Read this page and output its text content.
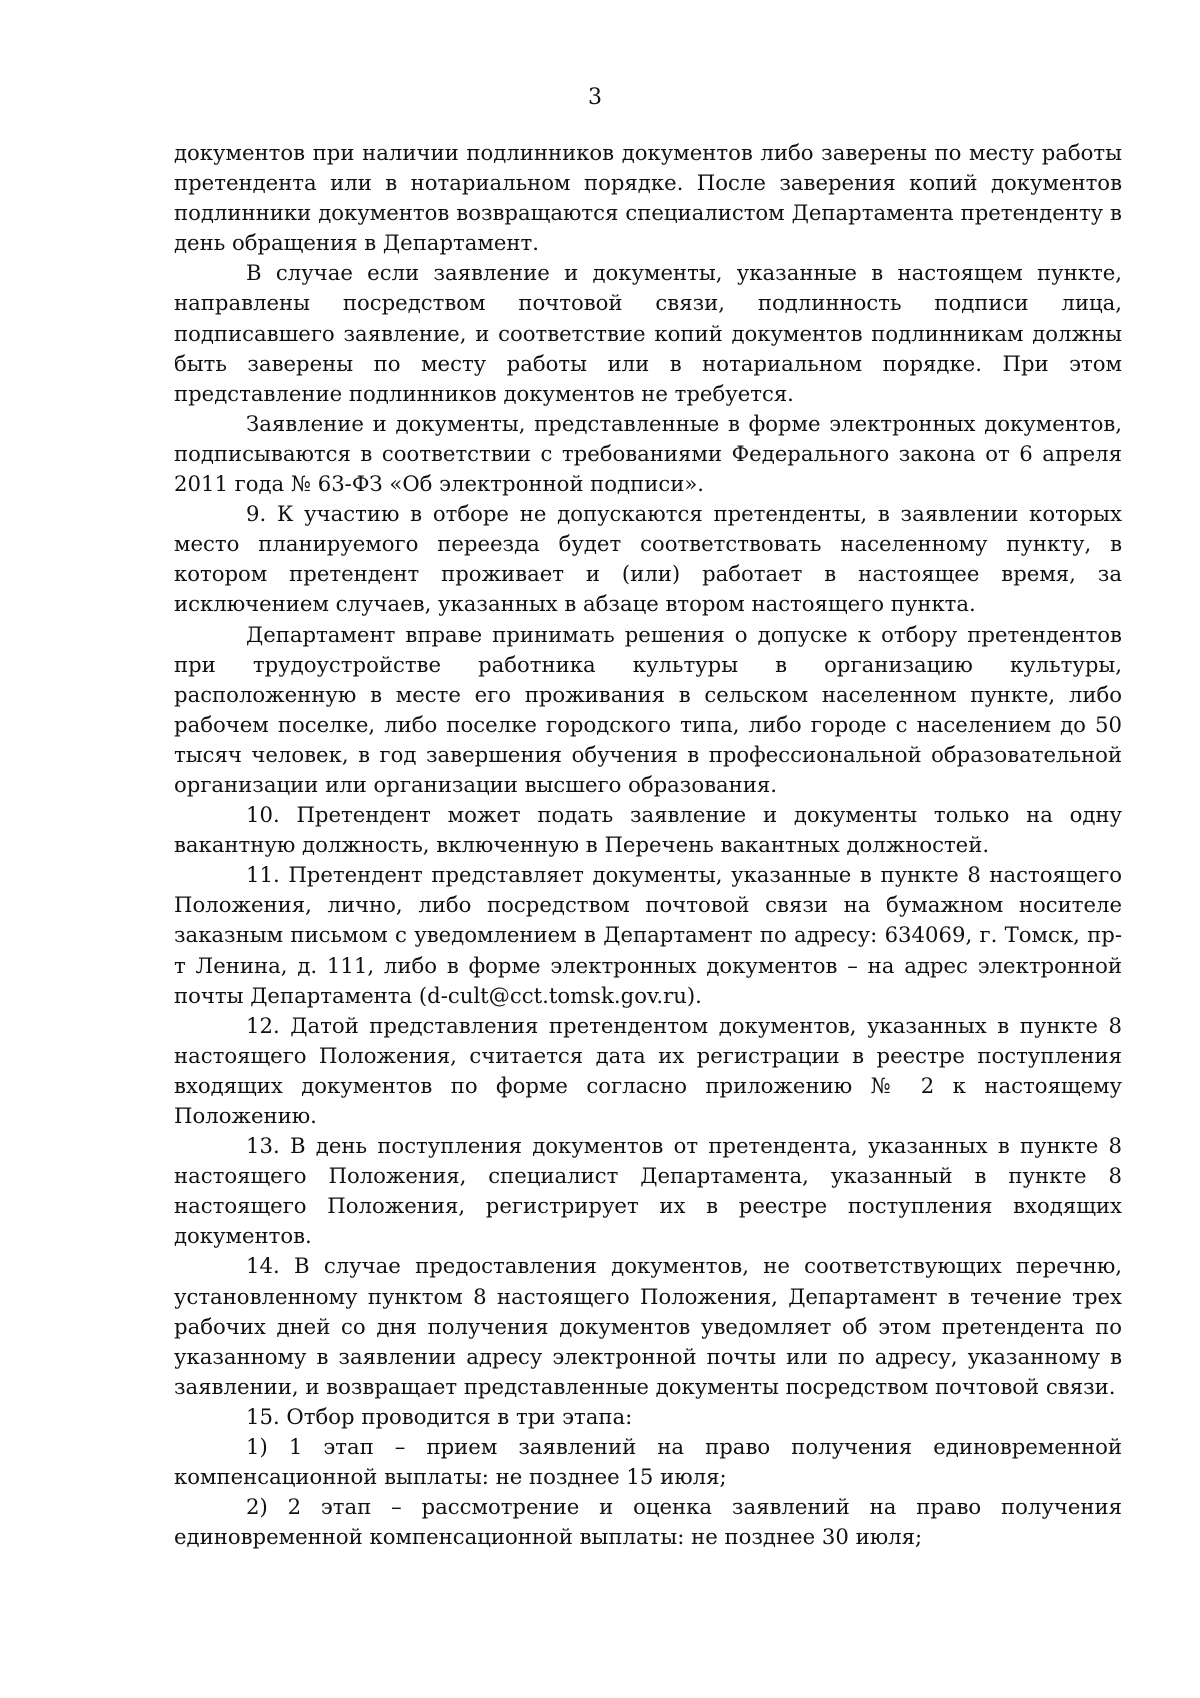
3

документов при наличии подлинников документов либо заверены по месту работы претендента или в нотариальном порядке. После заверения копий документов подлинники документов возвращаются специалистом Департамента претенденту в день обращения в Департамент.

В случае если заявление и документы, указанные в настоящем пункте, направлены посредством почтовой связи, подлинность подписи лица, подписавшего заявление, и соответствие копий документов подлинникам должны быть заверены по месту работы или в нотариальном порядке. При этом представление подлинников документов не требуется.

Заявление и документы, представленные в форме электронных документов, подписываются в соответствии с требованиями Федерального закона от 6 апреля 2011 года № 63-ФЗ «Об электронной подписи».

9. К участию в отборе не допускаются претенденты, в заявлении которых место планируемого переезда будет соответствовать населенному пункту, в котором претендент проживает и (или) работает в настоящее время, за исключением случаев, указанных в абзаце втором настоящего пункта.

Департамент вправе принимать решения о допуске к отбору претендентов при трудоустройстве работника культуры в организацию культуры, расположенную в месте его проживания в сельском населенном пункте, либо рабочем поселке, либо поселке городского типа, либо городе с населением до 50 тысяч человек, в год завершения обучения в профессиональной образовательной организации или организации высшего образования.

10. Претендент может подать заявление и документы только на одну вакантную должность, включенную в Перечень вакантных должностей.

11. Претендент представляет документы, указанные в пункте 8 настоящего Положения, лично, либо посредством почтовой связи на бумажном носителе заказным письмом с уведомлением в Департамент по адресу: 634069, г. Томск, пр-т Ленина, д. 111, либо в форме электронных документов – на адрес электронной почты Департамента (d-cult@cct.tomsk.gov.ru).

12. Датой представления претендентом документов, указанных в пункте 8 настоящего Положения, считается дата их регистрации в реестре поступления входящих документов по форме согласно приложению № 2 к настоящему Положению.

13. В день поступления документов от претендента, указанных в пункте 8 настоящего Положения, специалист Департамента, указанный в пункте 8 настоящего Положения, регистрирует их в реестре поступления входящих документов.

14. В случае предоставления документов, не соответствующих перечню, установленному пунктом 8 настоящего Положения, Департамент в течение трех рабочих дней со дня получения документов уведомляет об этом претендента по указанному в заявлении адресу электронной почты или по адресу, указанному в заявлении, и возвращает представленные документы посредством почтовой связи.

15. Отбор проводится в три этапа:

1) 1 этап – прием заявлений на право получения единовременной компенсационной выплаты: не позднее 15 июля;

2) 2 этап – рассмотрение и оценка заявлений на право получения единовременной компенсационной выплаты: не позднее 30 июля;
